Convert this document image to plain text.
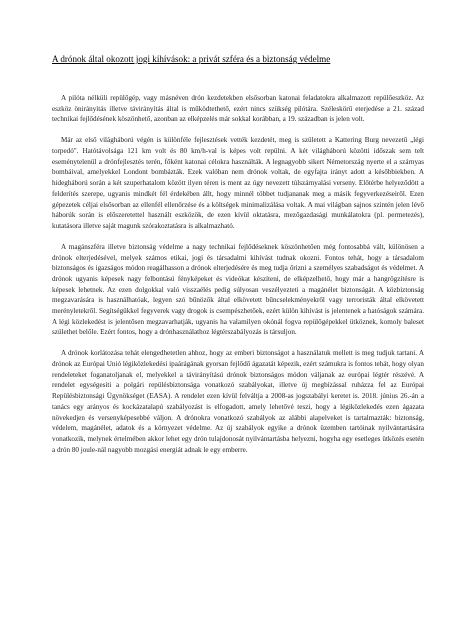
A drónok által okozott jogi kihívások: a privát szféra és a biztonság védelme

A pilóta nélküli repülőgép, vagy másnéven drón kezdetekben elsősorban katonai feladatokra alkalmazott repülőeszköz. Az eszköz önirányítás illetve távirányítás által is működtethető, ezért nincs szükség pilótára. Széleskörű eterjedése a 21. század technikai fejlődésének köszönhető, azonban az elképzelés már sokkal korábban, a 19. században is jelen volt.

Már az első világháború végén is különféle fejlesztések vették kezdetét, meg is született a Kattering Burg nevezetű „légi torpedó". Hatótávolsága 121 km volt és 80 km/h-val is képes volt repülni. A két világháború közötti időszak sem telt eseménytelenül a drónfejlesztés terén, főként katonai célokra használták. A legnagyobb sikert Németország nyerte el a szárnyas bombáival, amelyekkel Londont bombázták. Ezek valóban nem drónok voltak, de egyfajta irányt adott a későbbiekben. A hidegháború során a két szuperhatalom között ilyen téren is ment az úgy nevezett túlszárnyalási verseny. Előtérbe helyeződött a felderítés szerepe, ugyanis mindkét fél érdekében állt, hogy minnél többet tudjananak meg a másik fegyverkezéseiről. Ezen gépezetek céljai elsősorban az ellenfél ellenőrzése és a költségek minimalizálása voltak. A mai világban sajnos szintén jelen lévő háborúk során is előszeretettel használt eszközök, de ezen kívül oktatásra, mezőgazdasági munkálatokra (pl. permetezés), kutatásora illetve saját magunk szórakoztatásra is alkalmazható.

A magánszféra illetve biztonság védelme a nagy technikai fejlődéseknek köszönhetően még fontosabbá vált, különösen a drónok elterjedésével, melyek számos etikai, jogi és társadalmi kihívást tudnak okozni. Fontos tehát, hogy a társadalom biztonságos és igazságos módon reagálhasson a drónok elterjedésére és meg tudja őrizni a személyes szabadságot és védelmet. A drónok ugyanis képesek nagy felbontású fényképeket és videókat készíteni, de elképzelhető, hogy már a hangrögzítésre is képesek lehetnek. Az ezen dolgokkal való visszaélés pedig súlyosan veszélyezteti a magánélet biztonságát. A közbiztonság megzavarására is használhatóak, legyen szó bűnözők által elkövetett bűncselekményekről vagy terroristák által elkövetett merényletekről. Segítségükkel fegyverek vagy drogok is csempészhetőek, ezért külön kihívást is jelentenek a hatóságok számára. A légi közlekedést is jelentősen megzavarhatják, ugyanis ha valamilyen okónál fogva repülőgépekkel ütköznek, komoly baleset születhet belőle. Ezért fontos, hogy a drónhasználathoz légtérszabályozás is társuljon.

A drónok korlátozása tehát elengedhetetlen ahhoz, hogy az emberi biztonságot a használatuk mellett is meg tudjuk tartani. A drónok az Európai Unió légiközlekedési ipaárágának gyorsan fejlődő ágazatát képezik, ezért számukra is fontos tehát, hogy olyan rendeleteket foganatoljanak el, melyekkel a távirányítású drónok biztonságos módon váljanak az európai légtér részévé. A rendelet egységesíti a polgári repülésbiztonsága vonatkozó szabályokat, illetve új megbízással ruházza fel az Európai Repülésbiztonsági Ügynökséget (EASA). A rendelet ezen kívül felváltja a 2008-as jogszabályi keretet is. 2018. június 26.-án a tanács egy arányos és kockázatalapú szabályozást is elfogadott, amely lehetővé teszi, hogy a légiközlekedés ezen ágazata növekedjen és versenyképesebbé váljon. A drónokra vonatkozó szabályok az alábbi alapelveket is tartalmazták: biztonság, védelem, magánélet, adatok és a környezet védelme. Az új szabályok egyike a drónok üzemben tartóinak nyilvántartására vonatkozik, melynek értelmében akkor lehet egy drón tulajdonosát nyilvántartásba helyezni, hogyha egy esetleges ütközés esetén a drón 80 joule-nál nagyobb mozgási energiát adnak le egy emberre.
